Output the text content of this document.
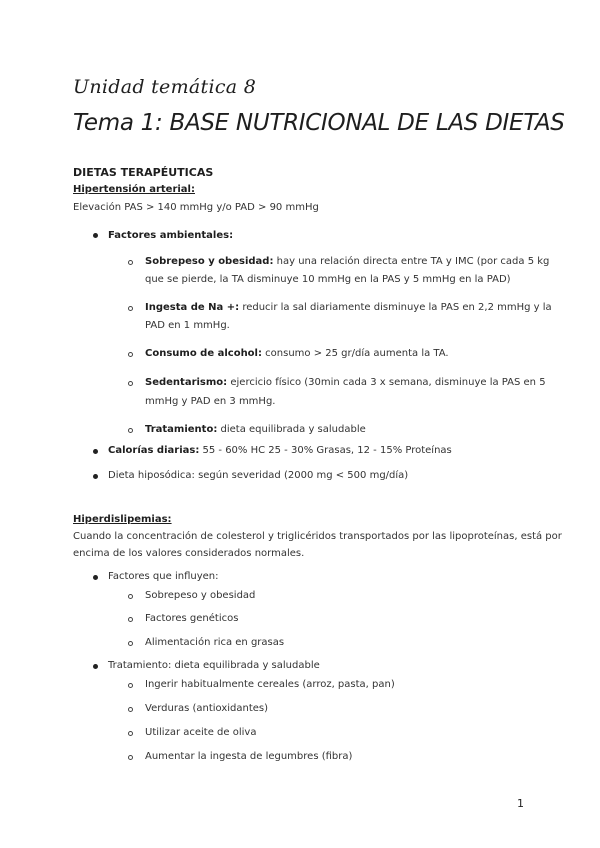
Unidad temática 8
Tema 1: BASE NUTRICIONAL DE LAS DIETAS
DIETAS TERAPÉUTICAS
Hipertensión arterial:
Elevación PAS > 140 mmHg y/o PAD > 90 mmHg
Factores ambientales:
Sobrepeso y obesidad: hay una relación directa entre TA y IMC (por cada 5 kg
que se pierde, la TA disminuye 10 mmHg en la PAS y 5 mmHg en la PAD)
Ingesta de Na +: reducir la sal diariamente disminuye la PAS en 2,2 mmHg y la
PAD en 1 mmHg.
Consumo de alcohol: consumo > 25 gr/día aumenta la TA.
Sedentarismo: ejercicio físico (30min cada 3 x semana, disminuye la PAS en 5
mmHg y PAD en 3 mmHg.
Tratamiento: dieta equilibrada y saludable
Calorías diarias: 55 - 60% HC 25 - 30% Grasas, 12 - 15% Proteínas
Dieta hiposódica: según severidad (2000 mg < 500 mg/día)
Hiperdislipemias:
Cuando la concentración de colesterol y triglicéridos transportados por las lipoproteínas, está por
encima de los valores considerados normales.
Factores que influyen:
Sobrepeso y obesidad
Factores genéticos
Alimentación rica en grasas
Tratamiento: dieta equilibrada y saludable
Ingerir habitualmente cereales (arroz, pasta, pan)
Verduras (antioxidantes)
Utilizar aceite de oliva
Aumentar la ingesta de legumbres (fibra)
1
